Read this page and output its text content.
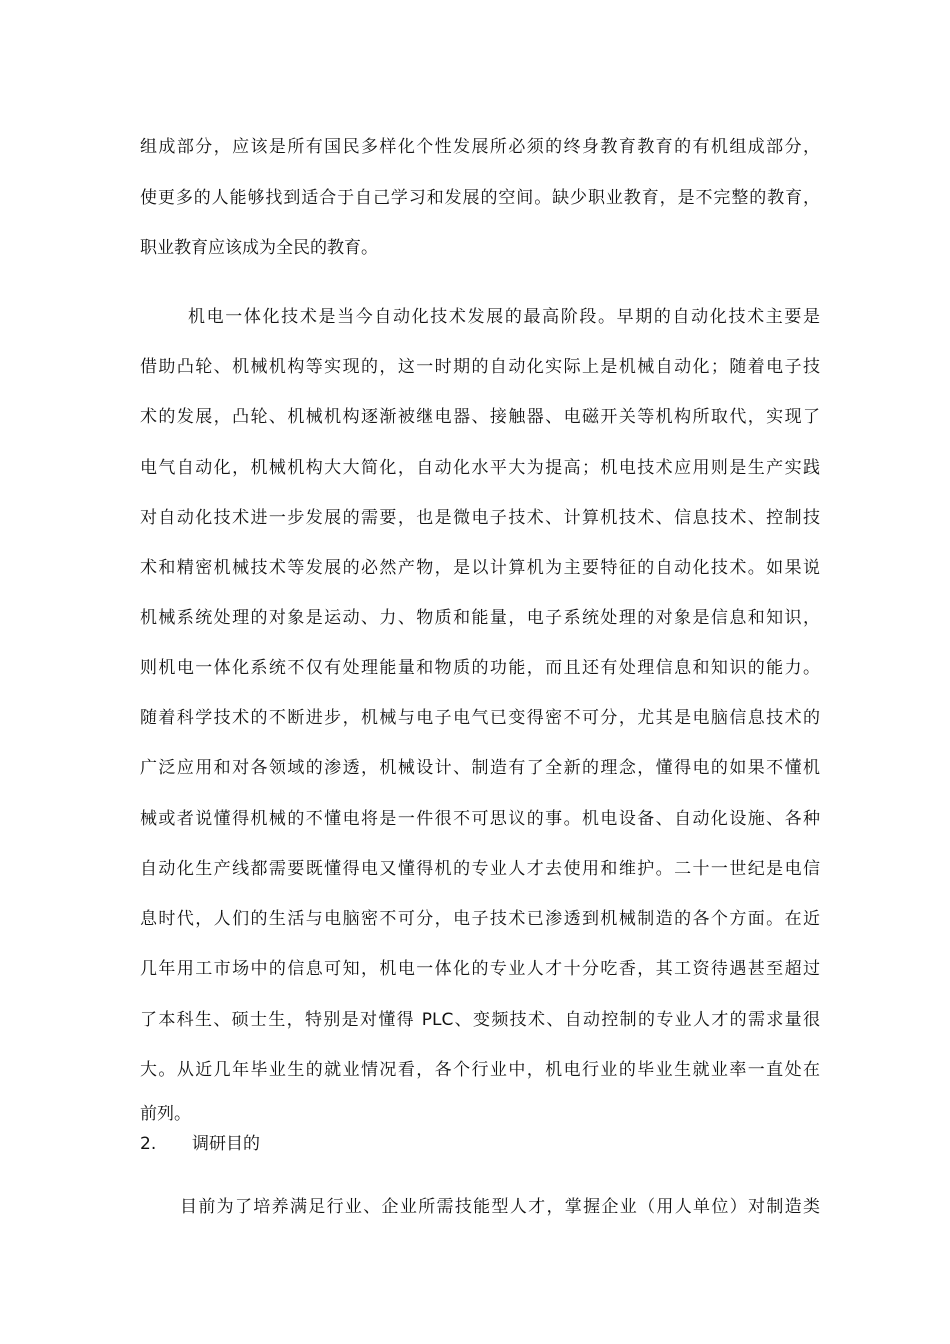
组成部分，应该是所有国民多样化个性发展所必须的终身教育教育的有机组成部分，
使更多的人能够找到适合于自己学习和发展的空间。缺少职业教育，是不完整的教育，
职业教育应该成为全民的教育。
机电一体化技术是当今自动化技术发展的最高阶段。早期的自动化技术主要是
借助凸轮、机械机构等实现的，这一时期的自动化实际上是机械自动化；随着电子技
术的发展，凸轮、机械机构逐渐被继电器、接触器、电磁开关等机构所取代，实现了
电气自动化，机械机构大大简化，自动化水平大为提高；机电技术应用则是生产实践
对自动化技术进一步发展的需要，也是微电子技术、计算机技术、信息技术、控制技
术和精密机械技术等发展的必然产物，是以计算机为主要特征的自动化技术。如果说
机械系统处理的对象是运动、力、物质和能量，电子系统处理的对象是信息和知识，
则机电一体化系统不仅有处理能量和物质的功能，而且还有处理信息和知识的能力。
随着科学技术的不断进步，机械与电子电气已变得密不可分，尤其是电脑信息技术的
广泛应用和对各领域的渗透，机械设计、制造有了全新的理念，懂得电的如果不懂机
械或者说懂得机械的不懂电将是一件很不可思议的事。机电设备、自动化设施、各种
自动化生产线都需要既懂得电又懂得机的专业人才去使用和维护。二十一世纪是电信
息时代，人们的生活与电脑密不可分，电子技术已渗透到机械制造的各个方面。在近
几年用工市场中的信息可知，机电一体化的专业人才十分吃香，其工资待遇甚至超过
了本科生、硕士生，特别是对懂得 PLC、变频技术、自动控制的专业人才的需求量很
大。从近几年毕业生的就业情况看，各个行业中，机电行业的毕业生就业率一直处在
前列。
2. 调研目的
目前为了培养满足行业、企业所需技能型人才，掌握企业（用人单位）对制造类
